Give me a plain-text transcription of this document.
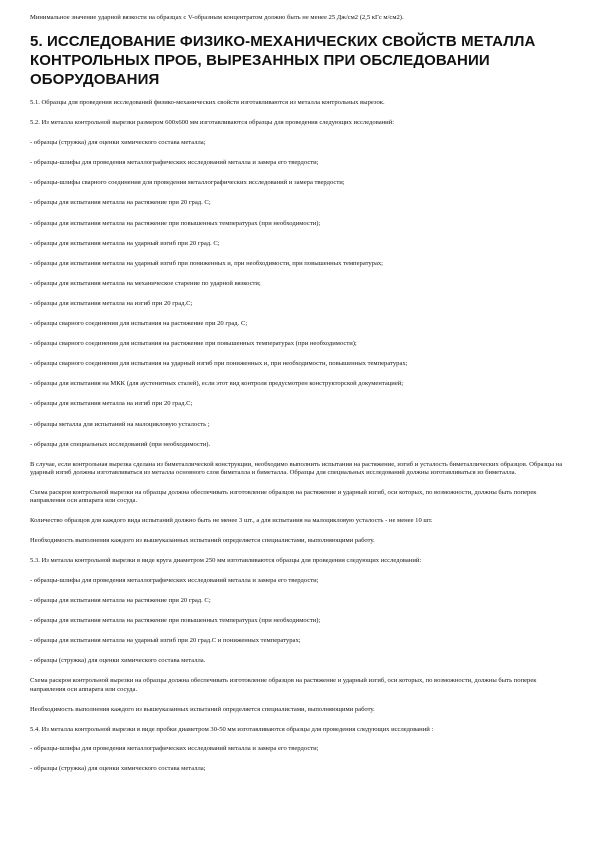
Минимальное значение ударной вязкости на образцах с V-образным концентратом должно быть не менее 25 Дж/см2 (2,5 кГс м/см2).

5. ИССЛЕДОВАНИЕ ФИЗИКО-МЕХАНИЧЕСКИХ СВОЙСТВ МЕТАЛЛА КОНТРОЛЬНЫХ ПРОБ, ВЫРЕЗАННЫХ ПРИ ОБСЛЕДОВАНИИ ОБОРУДОВАНИЯ

5.1. Образцы для проведения исследований физико-механических свойств изготавливаются из металла контрольных вырезок.

5.2. Из металла контрольной вырезки размером 600х600 мм изготавливаются образцы для проведения следующих исследований:

- образцы (стружка) для оценки химического состава металла;

- образцы-шлифы для проведения металлографических исследований металла и замера его твердости;

- образцы-шлифы сварного соединения для проведения металлографических исследований и замера твердости;

- образцы для испытания металла на растяжение при 20 град. С;

- образцы для испытания металла на растяжение при повышенных температурах (при необходимости);

- образцы для испытания металла на ударный изгиб при 20 град. С;

- образцы для испытания металла на ударный изгиб при пониженных и, при необходимости, при повышенных температурах;

- образцы для испытания металла на механическое старение по ударной вязкости;

- образцы для испытания металла на изгиб при 20 град.С;

- образцы сварного соединения для испытания на растяжение при 20 град. С;

- образцы сварного соединения для испытания на растяжение при повышенных температурах (при необходимости);

- образцы сварного соединения для испытания на ударный изгиб при пониженных и, при необходимости, повышенных температурах;

- образцы для испытания на МКК (для аустенитных сталей), если этот вид контроля предусмотрен конструкторской документацией;

- образцы для испытания металла на изгиб при 20 град.С;

- образцы металла для испытаний на малоцикловую усталость ;

- образцы для специальных исследований (при необходимости).

В случае, если контрольная вырезка сделана из биметаллической конструкции, необходимо выполнить испытания на растяжение, изгиб и усталость биметаллических образцов. Образцы на ударный изгиб должны изготавливаться из металла основного слоя биметалла и биметалла. Образцы для специальных исследований должны изготавливаться из биметалла.

Схема раскроя контрольной вырезки на образцы должна обеспечивать изготовление образцов на растяжение и ударный изгиб, оси которых, по возможности, должны быть поперек направления оси аппарата или сосуда.

Количество образцов для каждого вида испытаний должно быть не менее 3 шт., а для испытания на малоцикловую усталость - не менее 10 шт.

Необходимость выполнения каждого из вышеуказанных испытаний определяется специалистами, выполняющими работу.

5.3. Из металла контрольной вырезки в виде круга диаметром 250 мм изготавливаются образцы для проведения следующих исследований:

- образцы-шлифы для проведения металлографических исследований металла и замера его твердости;

- образцы для испытания металла на растяжение при 20 град. С;

- образцы для испытания металла на растяжение при повышенных температурах (при необходимости);

- образцы для испытания металла на ударный изгиб при 20 град.С и пониженных температурах;

- образцы (стружка) для оценки химического состава металла.

Схема раскроя контрольной вырезки на образцы должна обеспечивать изготовление образцов на растяжение и ударный изгиб, оси которых, по возможности, должны быть поперек направления оси аппарата или сосуда.

Необходимость выполнения каждого из вышеуказанных испытаний определяется специалистами, выполняющими работу.

5.4. Из металла контрольной вырезки в виде пробки диаметром 30-50 мм изготавливаются образцы для проведения следующих исследований :

- образцы-шлифы для проведения металлографических исследований металла и замера его твердости;

- образцы (стружка) для оценки химического состава металла;
